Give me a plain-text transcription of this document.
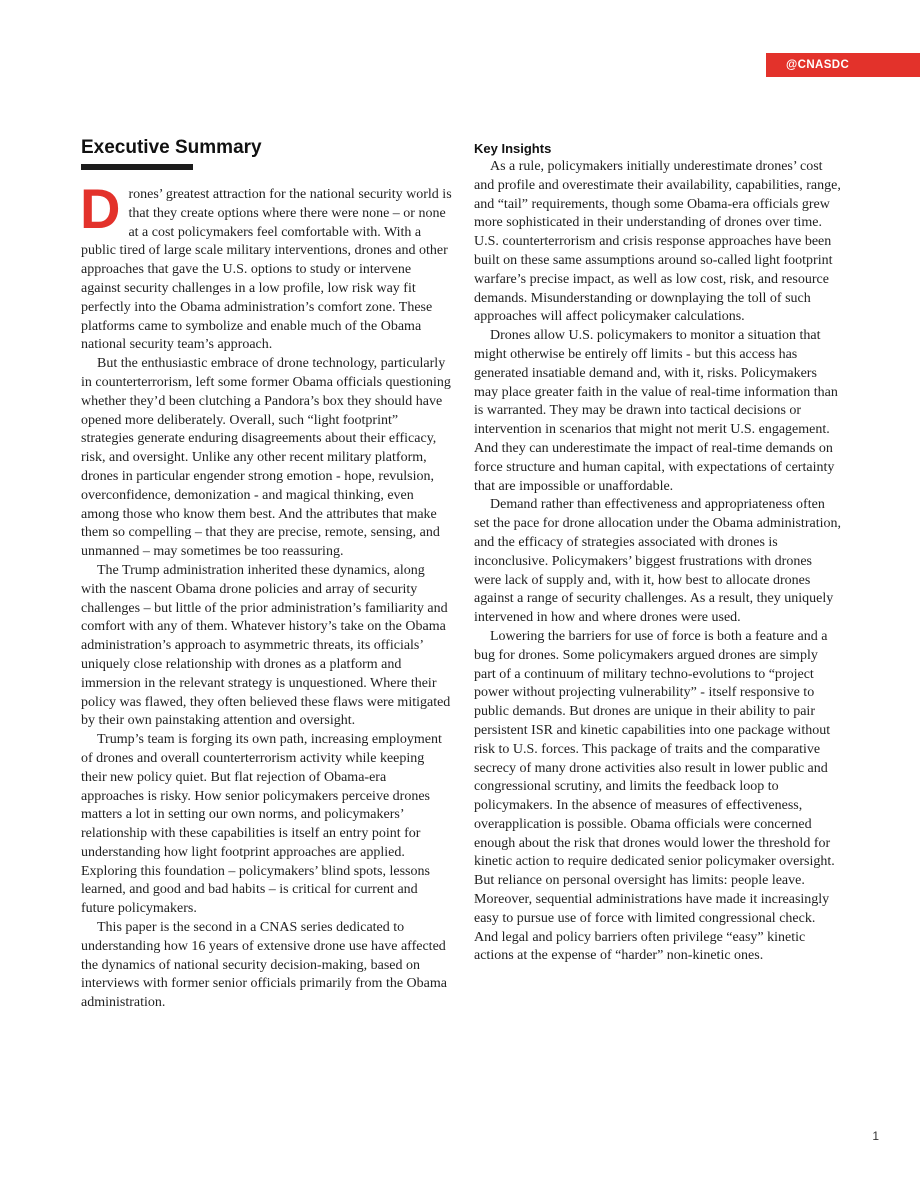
@CNASDC
Executive Summary

Drones’ greatest attraction for the national security world is that they create options where there were none – or none at a cost policymakers feel comfortable with. With a public tired of large scale military interventions, drones and other approaches that gave the U.S. options to study or intervene against security challenges in a low profile, low risk way fit perfectly into the Obama administration’s comfort zone. These platforms came to symbolize and enable much of the Obama national security team’s approach.

But the enthusiastic embrace of drone technology, particularly in counterterrorism, left some former Obama officials questioning whether they’d been clutching a Pandora’s box they should have opened more deliberately. Overall, such “light footprint” strategies generate enduring disagreements about their efficacy, risk, and oversight. Unlike any other recent military platform, drones in particular engender strong emotion - hope, revulsion, overconfidence, demonization - and magical thinking, even among those who know them best. And the attributes that make them so compelling – that they are precise, remote, sensing, and unmanned – may sometimes be too reassuring.

The Trump administration inherited these dynamics, along with the nascent Obama drone policies and array of security challenges – but little of the prior administration’s familiarity and comfort with any of them. Whatever history’s take on the Obama administration’s approach to asymmetric threats, its officials’ uniquely close relationship with drones as a platform and immersion in the relevant strategy is unquestioned. Where their policy was flawed, they often believed these flaws were mitigated by their own painstaking attention and oversight.

Trump’s team is forging its own path, increasing employment of drones and overall counterterrorism activity while keeping their new policy quiet. But flat rejection of Obama-era approaches is risky. How senior policymakers perceive drones matters a lot in setting our own norms, and policymakers’ relationship with these capabilities is itself an entry point for understanding how light footprint approaches are applied. Exploring this foundation – policymakers’ blind spots, lessons learned, and good and bad habits – is critical for current and future policymakers.

This paper is the second in a CNAS series dedicated to understanding how 16 years of extensive drone use have affected the dynamics of national security decision-making, based on interviews with former senior officials primarily from the Obama administration.

Key Insights

As a rule, policymakers initially underestimate drones’ cost and profile and overestimate their availability, capabilities, range, and “tail” requirements, though some Obama-era officials grew more sophisticated in their understanding of drones over time. U.S. counterterrorism and crisis response approaches have been built on these same assumptions around so-called light footprint warfare’s precise impact, as well as low cost, risk, and resource demands. Misunderstanding or downplaying the toll of such approaches will affect policymaker calculations.

Drones allow U.S. policymakers to monitor a situation that might otherwise be entirely off limits - but this access has generated insatiable demand and, with it, risks. Policymakers may place greater faith in the value of real-time information than is warranted. They may be drawn into tactical decisions or intervention in scenarios that might not merit U.S. engagement. And they can underestimate the impact of real-time demands on force structure and human capital, with expectations of certainty that are impossible or unaffordable.

Demand rather than effectiveness and appropriateness often set the pace for drone allocation under the Obama administration, and the efficacy of strategies associated with drones is inconclusive. Policymakers’ biggest frustrations with drones were lack of supply and, with it, how best to allocate drones against a range of security challenges. As a result, they uniquely intervened in how and where drones were used.

Lowering the barriers for use of force is both a feature and a bug for drones. Some policymakers argued drones are simply part of a continuum of military techno-evolutions to “project power without projecting vulnerability” - itself responsive to public demands. But drones are unique in their ability to pair persistent ISR and kinetic capabilities into one package without risk to U.S. forces. This package of traits and the comparative secrecy of many drone activities also result in lower public and congressional scrutiny, and limits the feedback loop to policymakers. In the absence of measures of effectiveness, overapplication is possible. Obama officials were concerned enough about the risk that drones would lower the threshold for kinetic action to require dedicated senior policymaker oversight. But reliance on personal oversight has limits: people leave. Moreover, sequential administrations have made it increasingly easy to pursue use of force with limited congressional check. And legal and policy barriers often privilege “easy” kinetic actions at the expense of “harder” non-kinetic ones.

1
